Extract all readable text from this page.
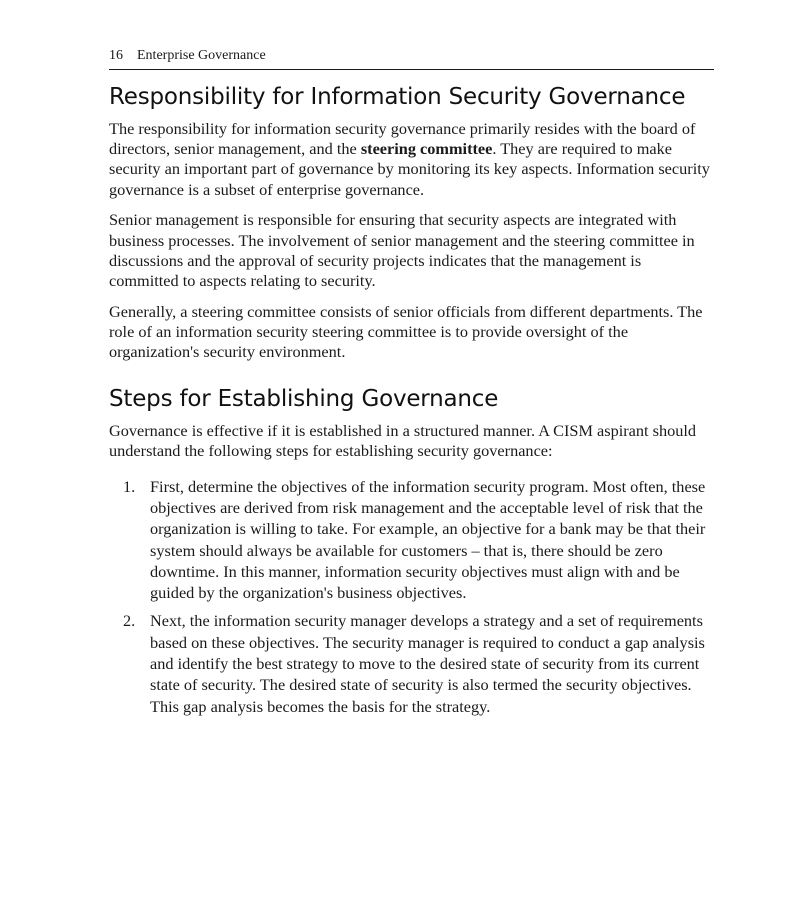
16 Enterprise Governance
Responsibility for Information Security Governance

The responsibility for information security governance primarily resides with the board of directors, senior management, and the steering committee. They are required to make security an important part of governance by monitoring its key aspects. Information security governance is a subset of enterprise governance.

Senior management is responsible for ensuring that security aspects are integrated with business processes. The involvement of senior management and the steering committee in discussions and the approval of security projects indicates that the management is committed to aspects relating to security.

Generally, a steering committee consists of senior officials from different departments. The role of an information security steering committee is to provide oversight of the organization's security environment.

Steps for Establishing Governance

Governance is effective if it is established in a structured manner. A CISM aspirant should understand the following steps for establishing security governance:

1. First, determine the objectives of the information security program. Most often, these objectives are derived from risk management and the acceptable level of risk that the organization is willing to take. For example, an objective for a bank may be that their system should always be available for customers – that is, there should be zero downtime. In this manner, information security objectives must align with and be guided by the organization's business objectives.
2. Next, the information security manager develops a strategy and a set of requirements based on these objectives. The security manager is required to conduct a gap analysis and identify the best strategy to move to the desired state of security from its current state of security. The desired state of security is also termed the security objectives. This gap analysis becomes the basis for the strategy.
